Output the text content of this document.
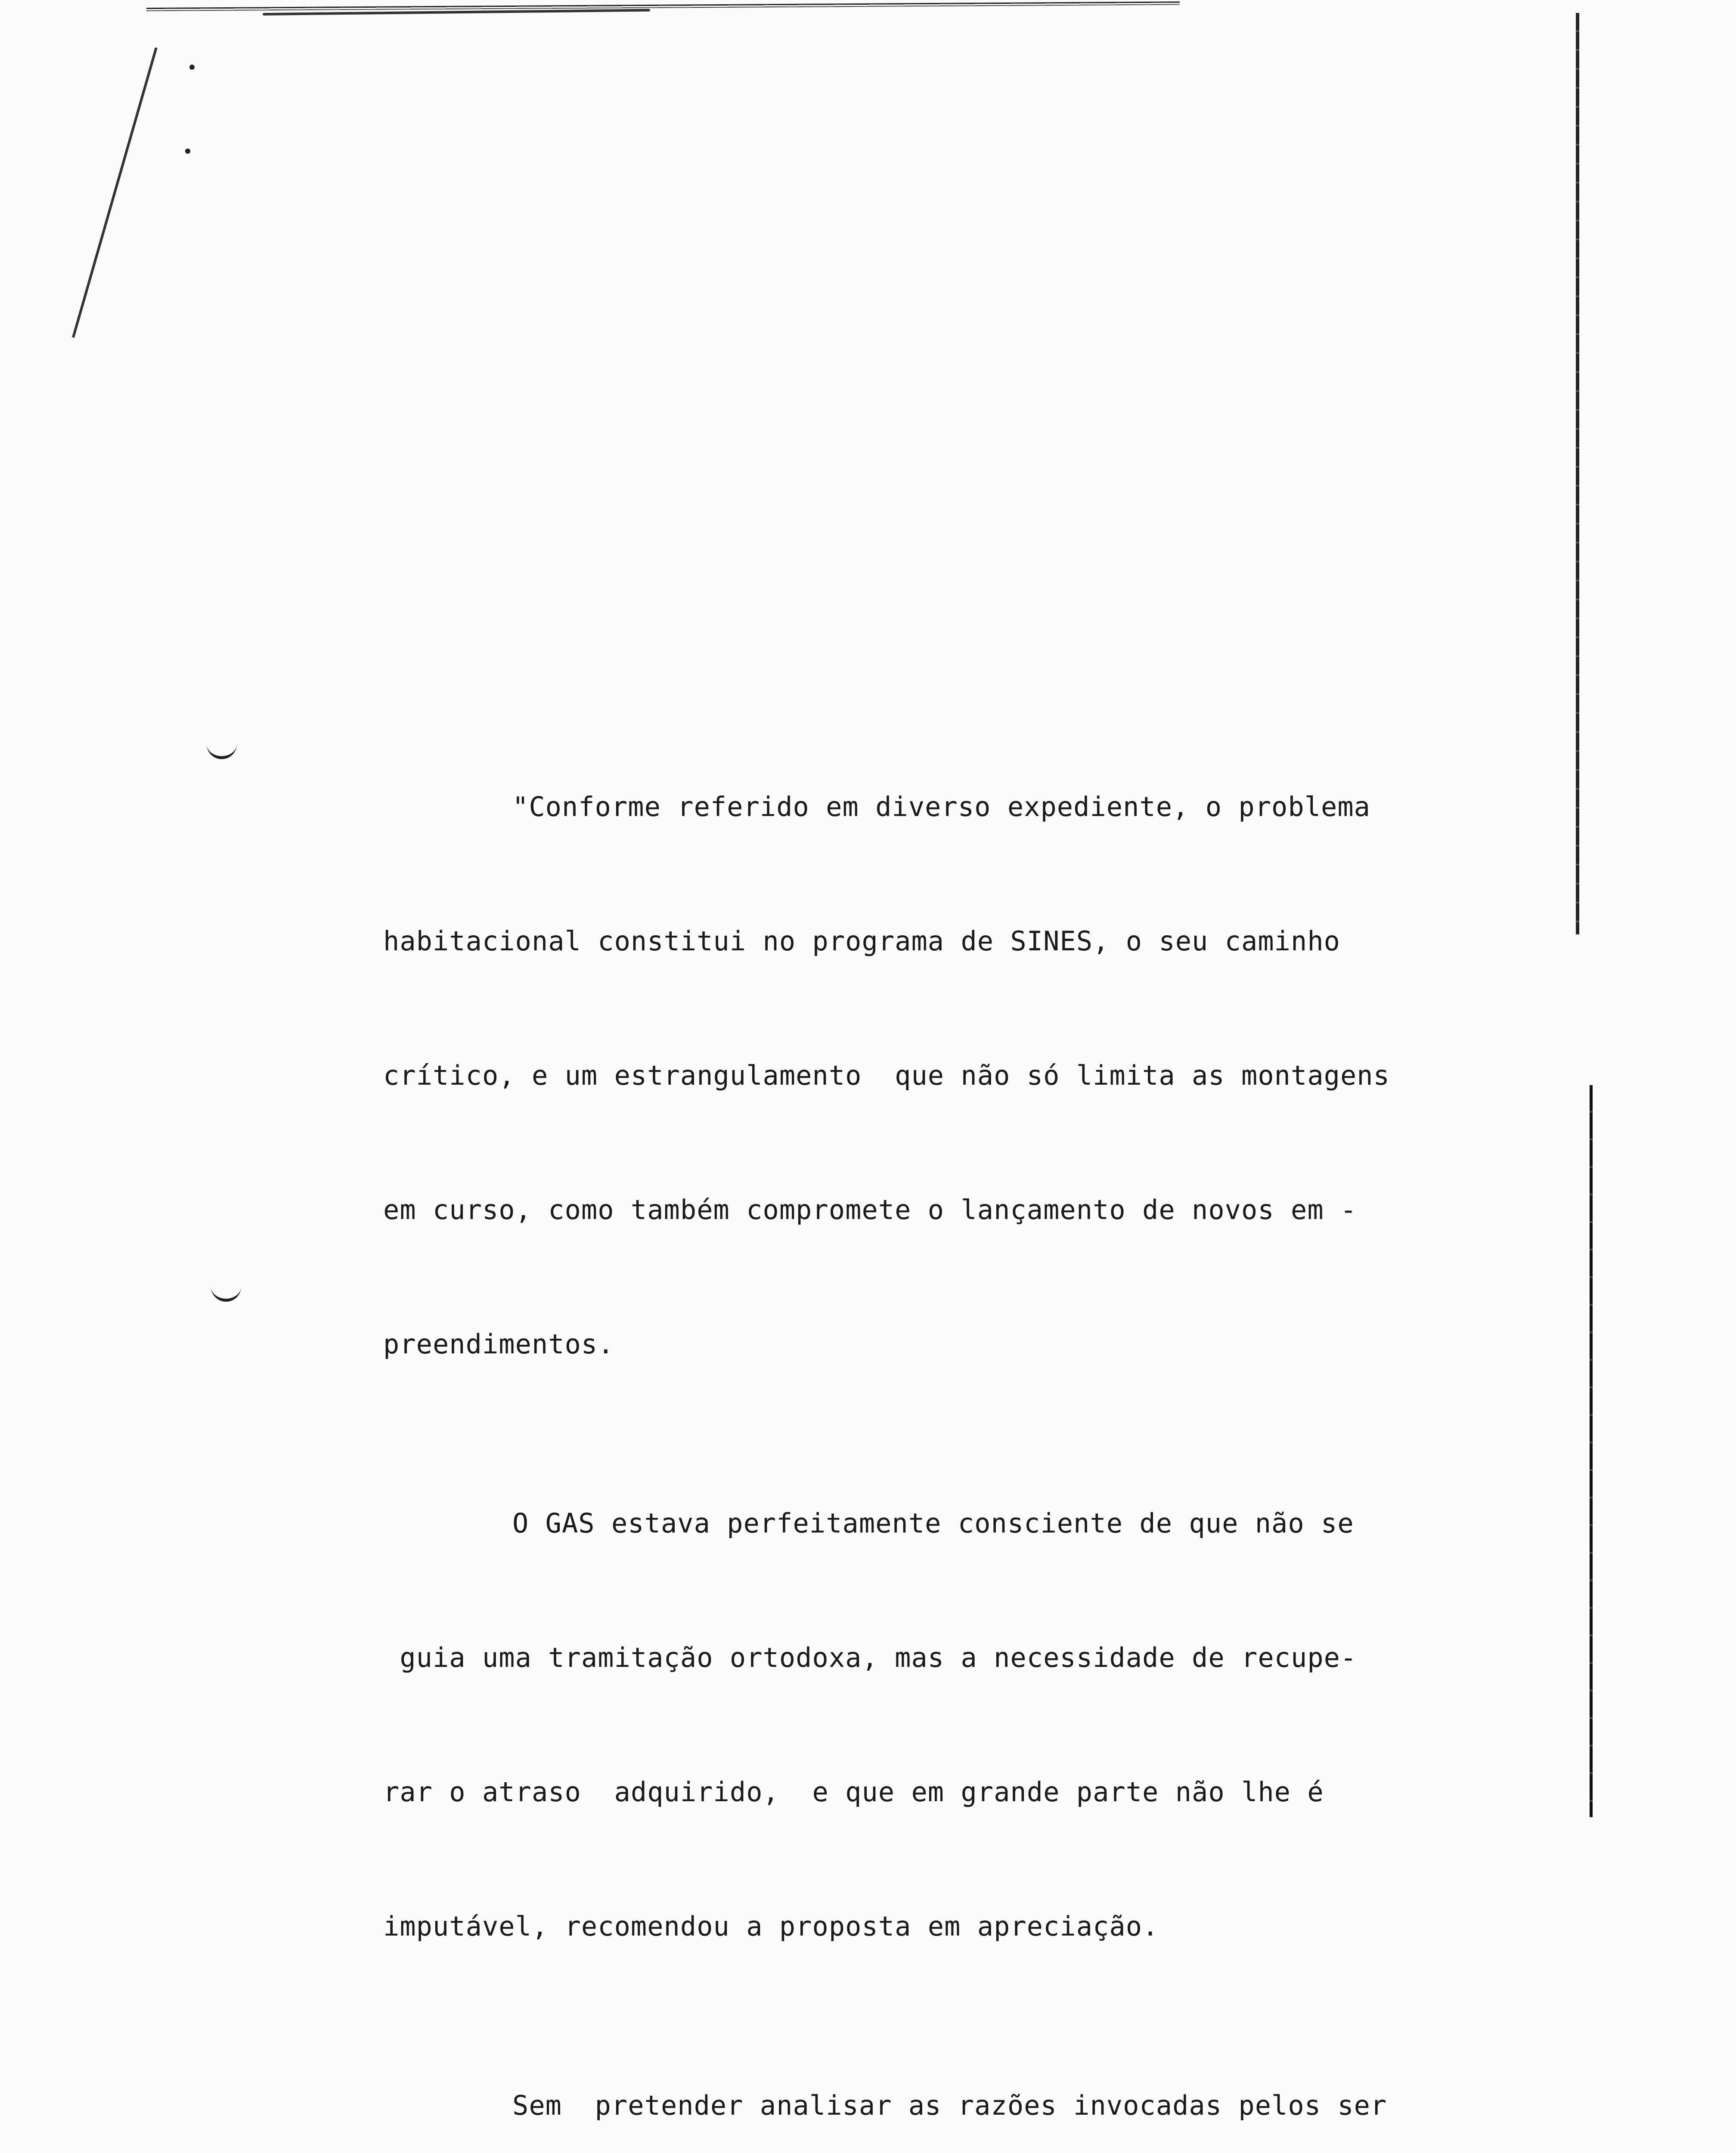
"Conforme referido em diverso expediente, o problema

habitacional constitui no programa de SINES, o seu caminho

crítico, e um estrangulamento  que não só limita as montagens

em curso, como também compromete o lançamento de novos em -

preendimentos.

O GAS estava perfeitamente consciente de que não se

guia uma tramitação ortodoxa, mas a necessidade de recupe-

rar o atraso  adquirido,  e que em grande parte não lhe é

imputável, recomendou a proposta em apreciação.

Sem  pretender analisar as razões invocadas pelos ser
